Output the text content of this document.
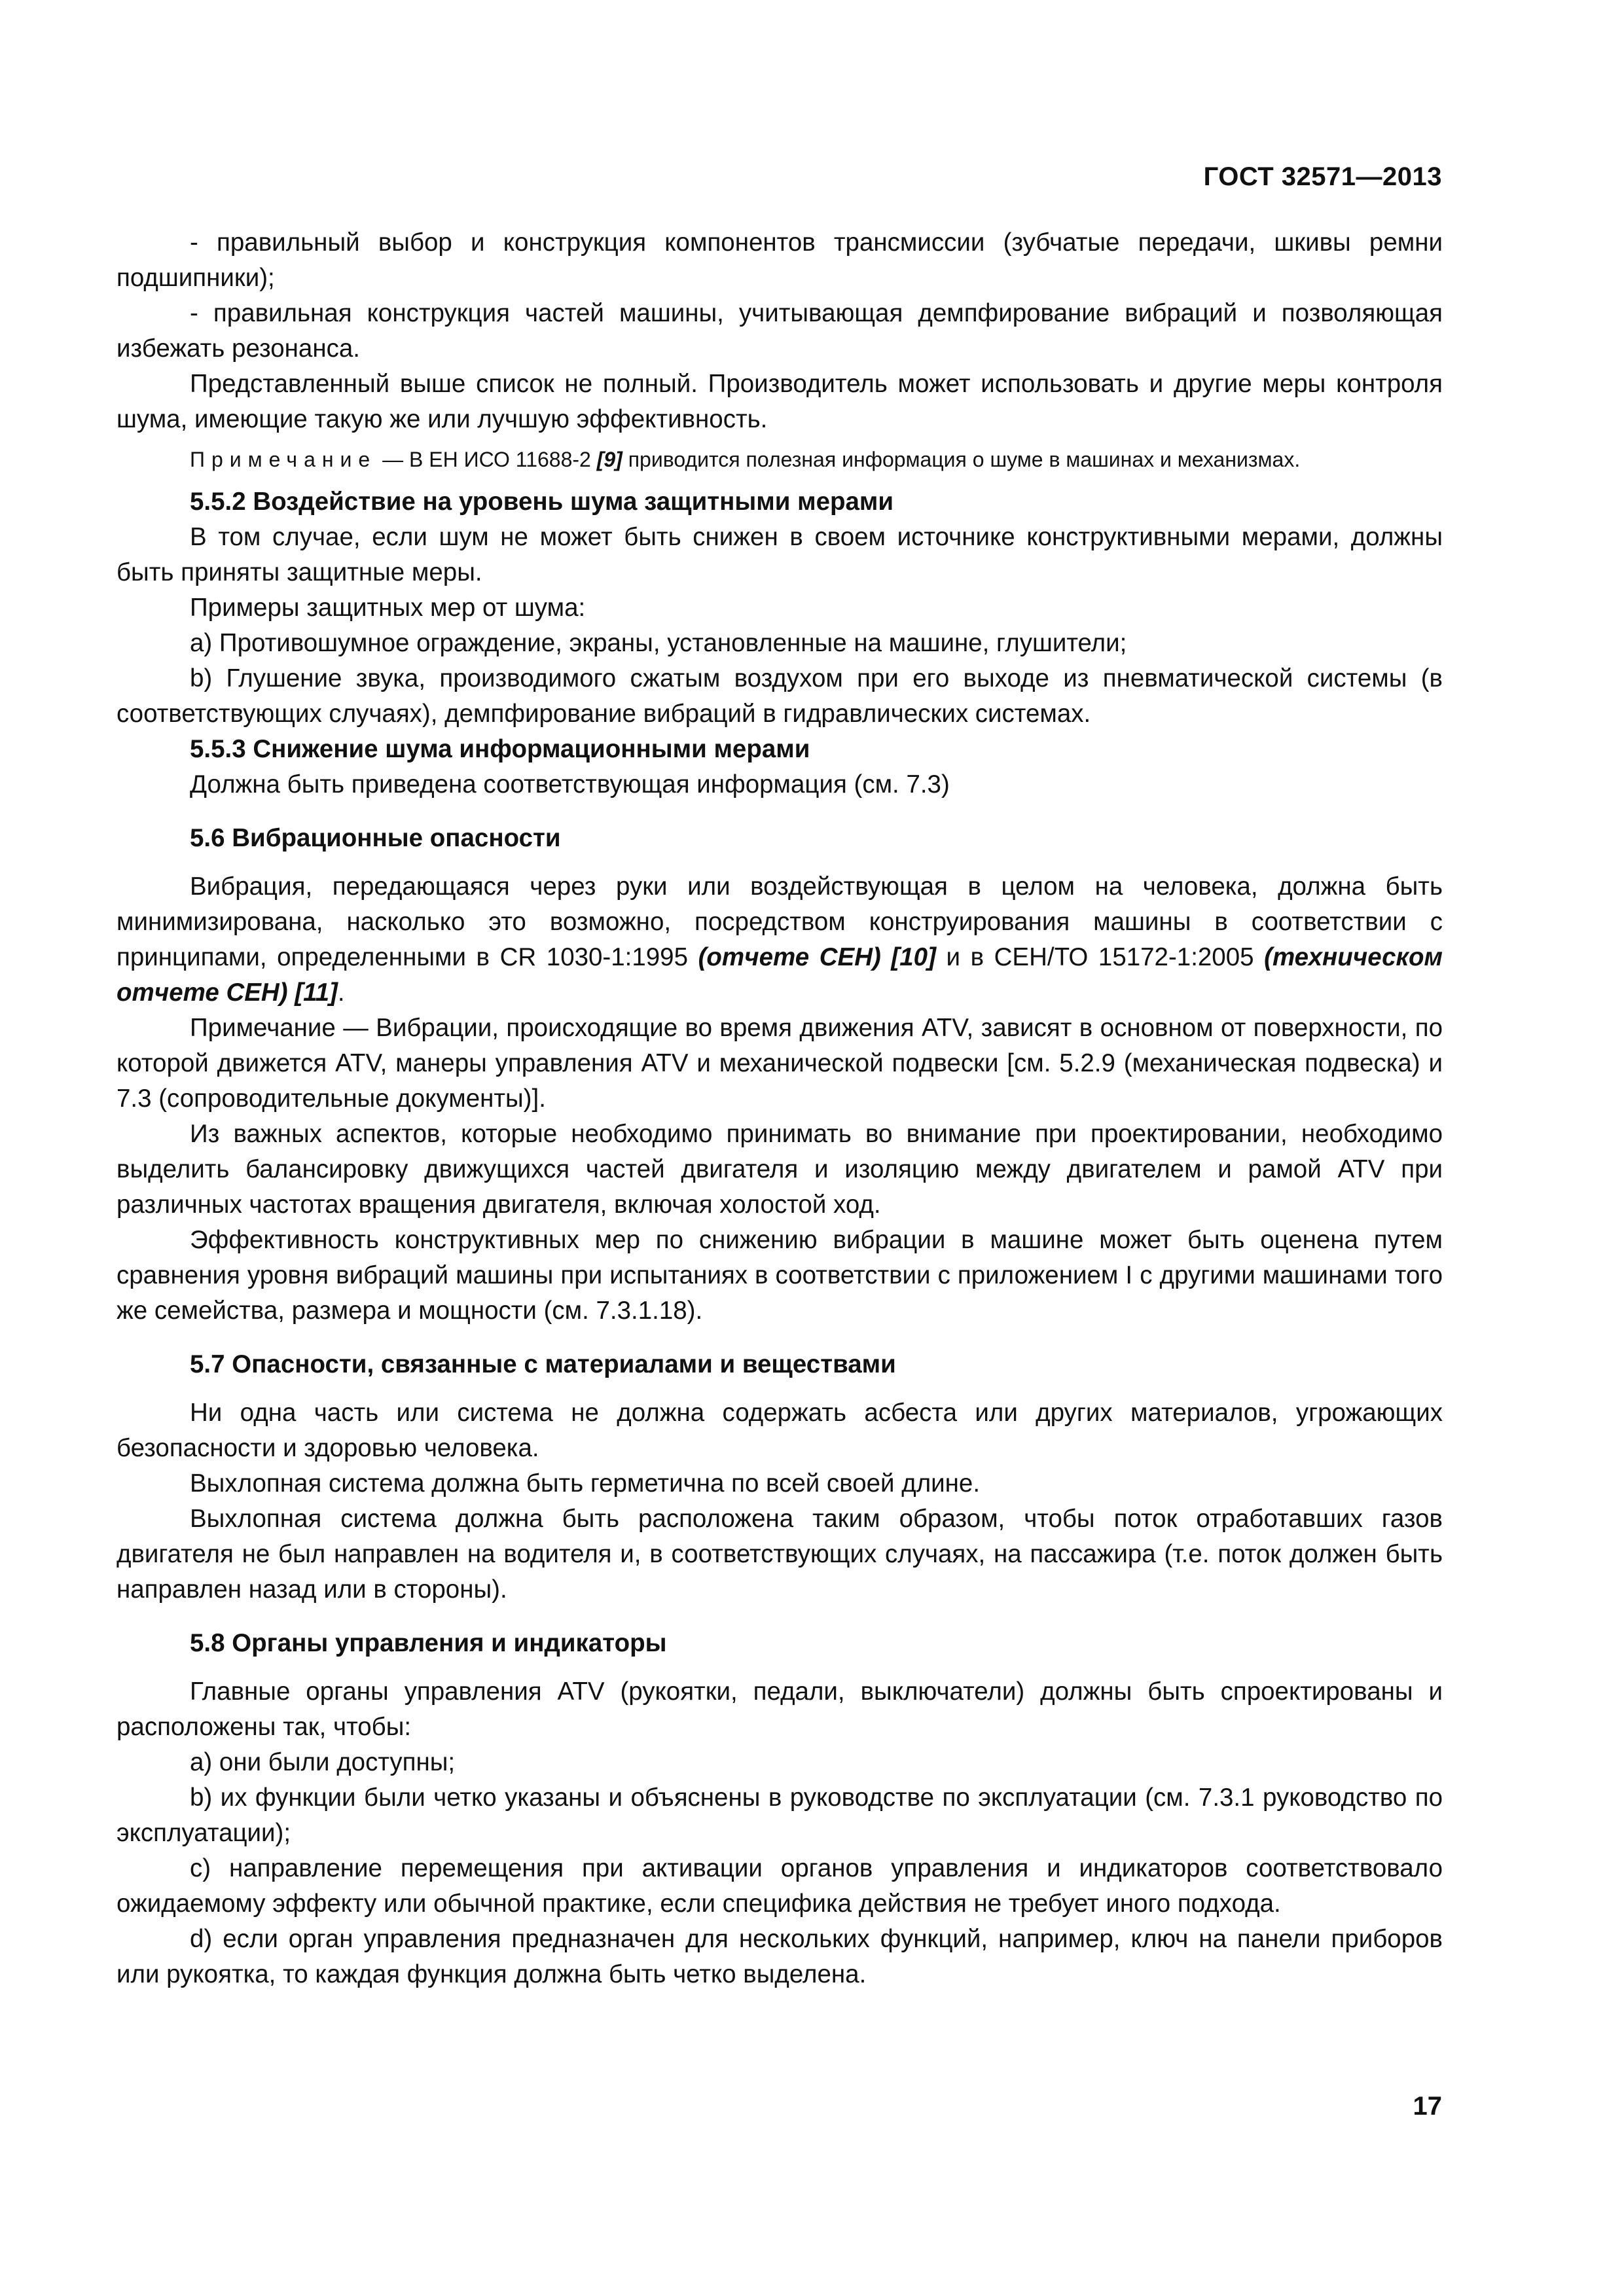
ГОСТ 32571—2013

- правильный выбор и конструкция компонентов трансмиссии (зубчатые передачи, шкивы ремни подшипники);

- правильная конструкция частей машины, учитывающая демпфирование вибраций и позволяющая избежать резонанса.

Представленный выше список не полный. Производитель может использовать и другие меры контроля шума, имеющие такую же или лучшую эффективность.

Примечание — В ЕН ИСО 11688-2 [9] приводится полезная информация о шуме в машинах и механизмах.

5.5.2 Воздействие на уровень шума защитными мерами

В том случае, если шум не может быть снижен в своем источнике конструктивными мерами, должны быть приняты защитные меры.

Примеры защитных мер от шума:

a) Противошумное ограждение, экраны, установленные на машине, глушители;

b) Глушение звука, производимого сжатым воздухом при его выходе из пневматической системы (в соответствующих случаях), демпфирование вибраций в гидравлических системах.

5.5.3 Снижение шума информационными мерами

Должна быть приведена соответствующая информация (см. 7.3)

5.6 Вибрационные опасности

Вибрация, передающаяся через руки или воздействующая в целом на человека, должна быть минимизирована, насколько это возможно, посредством конструирования машины в соответствии с принципами, определенными в CR 1030-1:1995 (отчете СЕН) [10] и в СЕН/ТО 15172-1:2005 (техническом отчете СЕН) [11].

Примечание — Вибрации, происходящие во время движения ATV, зависят в основном от поверхности, по которой движется ATV, манеры управления ATV и механической подвески [см. 5.2.9 (механическая подвеска) и 7.3 (сопроводительные документы)].

Из важных аспектов, которые необходимо принимать во внимание при проектировании, необходимо выделить балансировку движущихся частей двигателя и изоляцию между двигателем и рамой ATV при различных частотах вращения двигателя, включая холостой ход.

Эффективность конструктивных мер по снижению вибрации в машине может быть оценена путем сравнения уровня вибраций машины при испытаниях в соответствии с приложением I с другими машинами того же семейства, размера и мощности (см. 7.3.1.18).

5.7 Опасности, связанные с материалами и веществами

Ни одна часть или система не должна содержать асбеста или других материалов, угрожающих безопасности и здоровью человека.

Выхлопная система должна быть герметична по всей своей длине.

Выхлопная система должна быть расположена таким образом, чтобы поток отработавших газов двигателя не был направлен на водителя и, в соответствующих случаях, на пассажира (т.е. поток должен быть направлен назад или в стороны).

5.8 Органы управления и индикаторы

Главные органы управления ATV (рукоятки, педали, выключатели) должны быть спроектированы и расположены так, чтобы:

a) они были доступны;

b) их функции были четко указаны и объяснены в руководстве по эксплуатации (см. 7.3.1 руководство по эксплуатации);

c) направление перемещения при активации органов управления и индикаторов соответствовало ожидаемому эффекту или обычной практике, если специфика действия не требует иного подхода.

d) если орган управления предназначен для нескольких функций, например, ключ на панели приборов или рукоятка, то каждая функция должна быть четко выделена.

17
